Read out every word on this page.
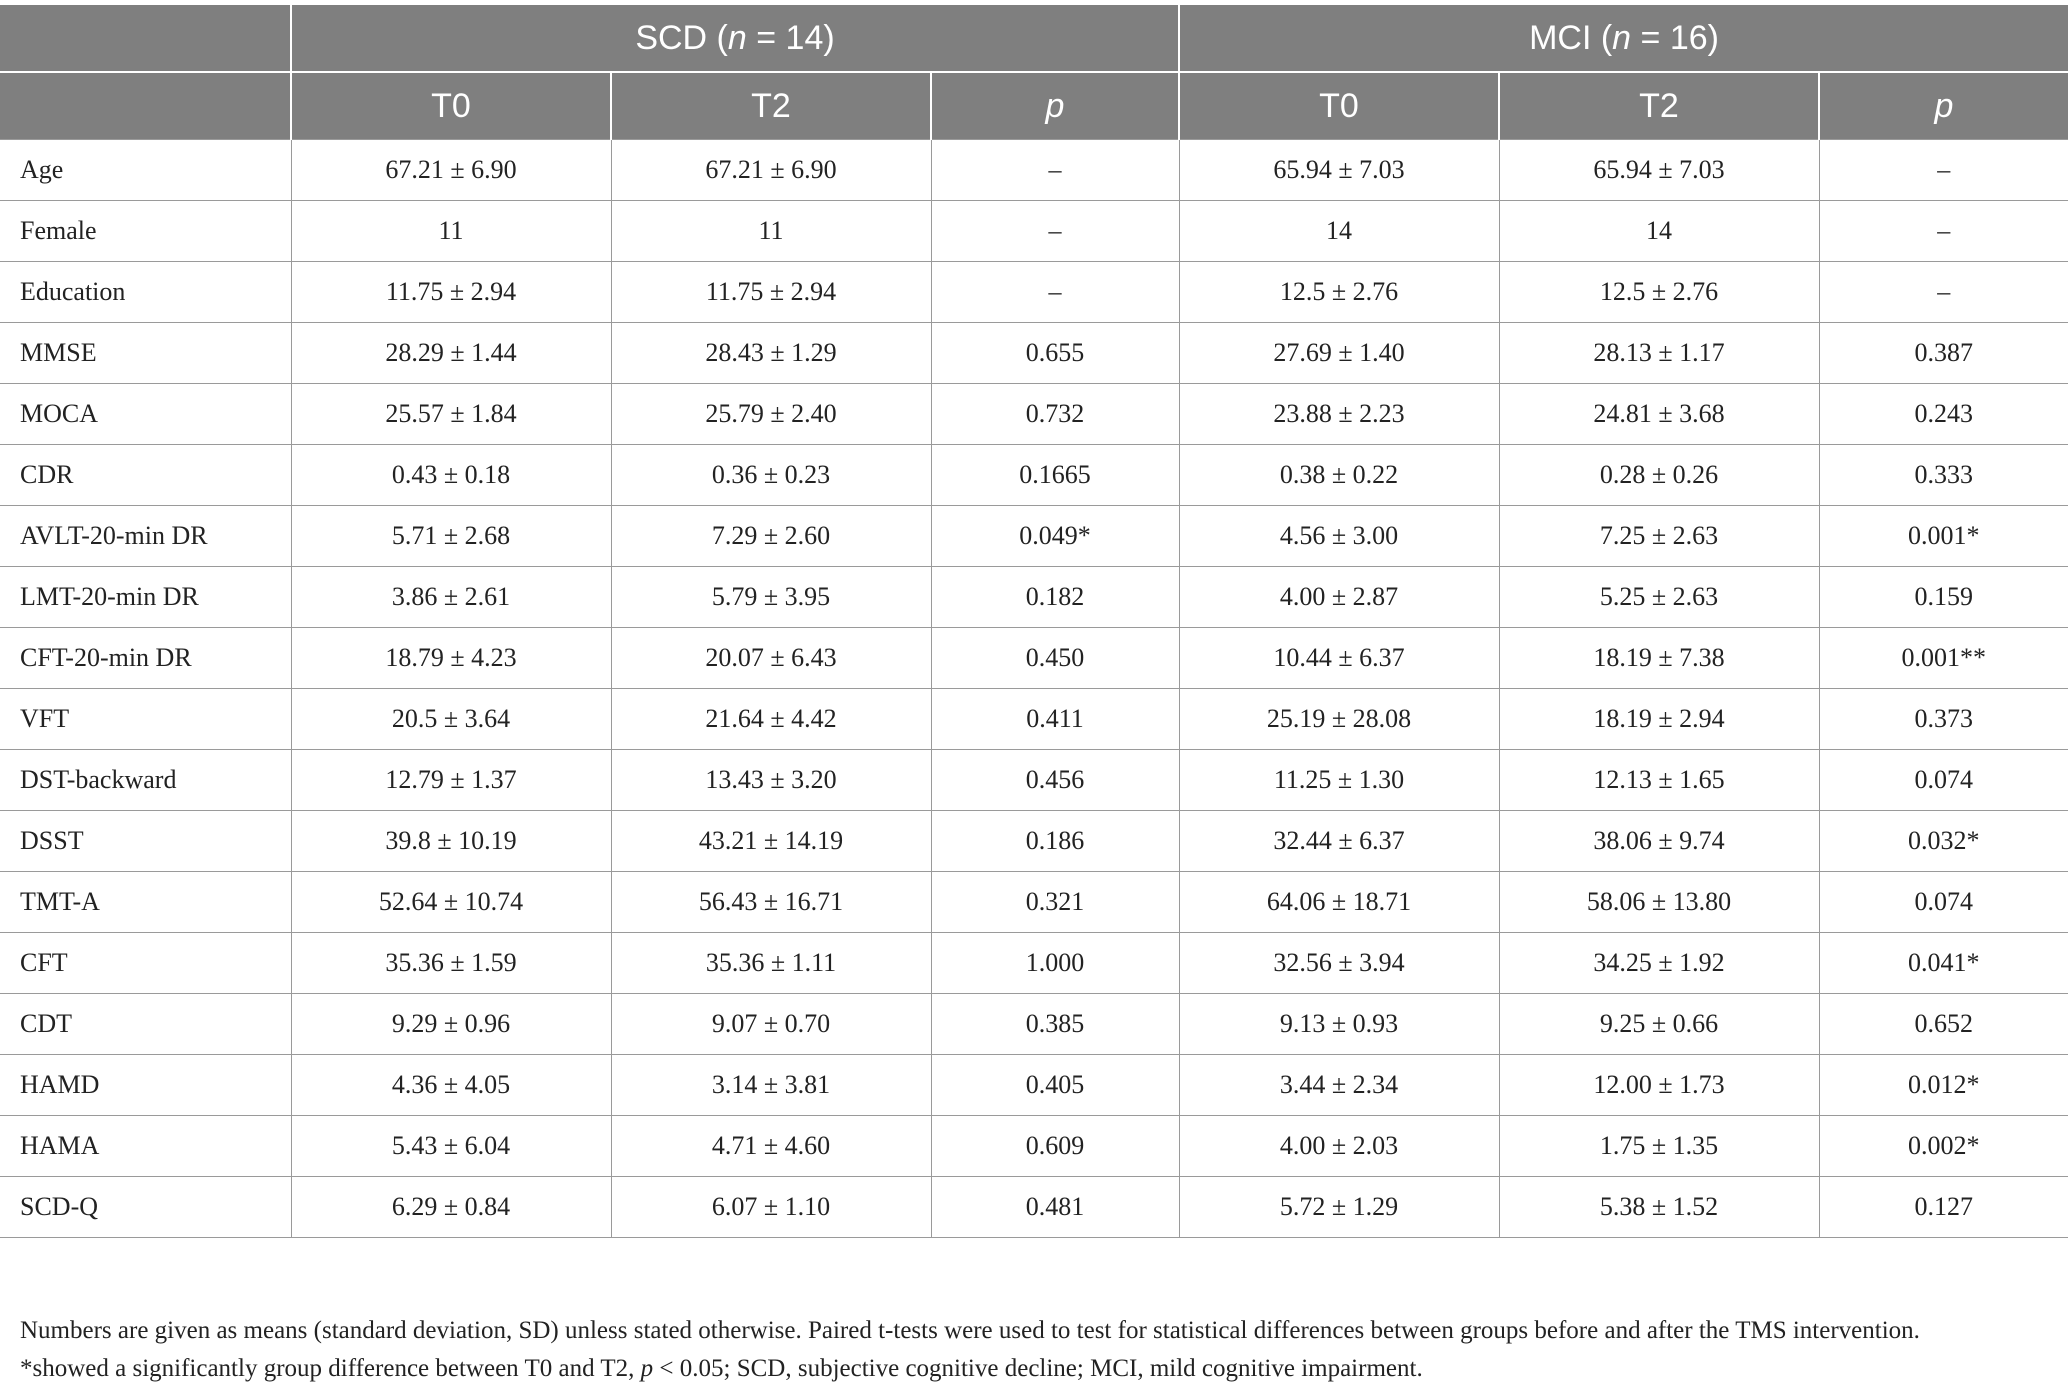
	SCD (n = 14)			MCI (n = 16)		
	T0	T2	p	T0	T2	p
Age	67.21 ± 6.90	67.21 ± 6.90	–	65.94 ± 7.03	65.94 ± 7.03	–
Female	11	11	–	14	14	–
Education	11.75 ± 2.94	11.75 ± 2.94	–	12.5 ± 2.76	12.5 ± 2.76	–
MMSE	28.29 ± 1.44	28.43 ± 1.29	0.655	27.69 ± 1.40	28.13 ± 1.17	0.387
MOCA	25.57 ± 1.84	25.79 ± 2.40	0.732	23.88 ± 2.23	24.81 ± 3.68	0.243
CDR	0.43 ± 0.18	0.36 ± 0.23	0.1665	0.38 ± 0.22	0.28 ± 0.26	0.333
AVLT-20-min DR	5.71 ± 2.68	7.29 ± 2.60	0.049*	4.56 ± 3.00	7.25 ± 2.63	0.001*
LMT-20-min DR	3.86 ± 2.61	5.79 ± 3.95	0.182	4.00 ± 2.87	5.25 ± 2.63	0.159
CFT-20-min DR	18.79 ± 4.23	20.07 ± 6.43	0.450	10.44 ± 6.37	18.19 ± 7.38	0.001**
VFT	20.5 ± 3.64	21.64 ± 4.42	0.411	25.19 ± 28.08	18.19 ± 2.94	0.373
DST-backward	12.79 ± 1.37	13.43 ± 3.20	0.456	11.25 ± 1.30	12.13 ± 1.65	0.074
DSST	39.8 ± 10.19	43.21 ± 14.19	0.186	32.44 ± 6.37	38.06 ± 9.74	0.032*
TMT-A	52.64 ± 10.74	56.43 ± 16.71	0.321	64.06 ± 18.71	58.06 ± 13.80	0.074
CFT	35.36 ± 1.59	35.36 ± 1.11	1.000	32.56 ± 3.94	34.25 ± 1.92	0.041*
CDT	9.29 ± 0.96	9.07 ± 0.70	0.385	9.13 ± 0.93	9.25 ± 0.66	0.652
HAMD	4.36 ± 4.05	3.14 ± 3.81	0.405	3.44 ± 2.34	12.00 ± 1.73	0.012*
HAMA	5.43 ± 6.04	4.71 ± 4.60	0.609	4.00 ± 2.03	1.75 ± 1.35	0.002*
SCD-Q	6.29 ± 0.84	6.07 ± 1.10	0.481	5.72 ± 1.29	5.38 ± 1.52	0.127

Numbers are given as means (standard deviation, SD) unless stated otherwise. Paired t-tests were used to test for statistical differences between groups before and after the TMS intervention.

*showed a significantly group difference between T0 and T2, p < 0.05; SCD, subjective cognitive decline; MCI, mild cognitive impairment.
